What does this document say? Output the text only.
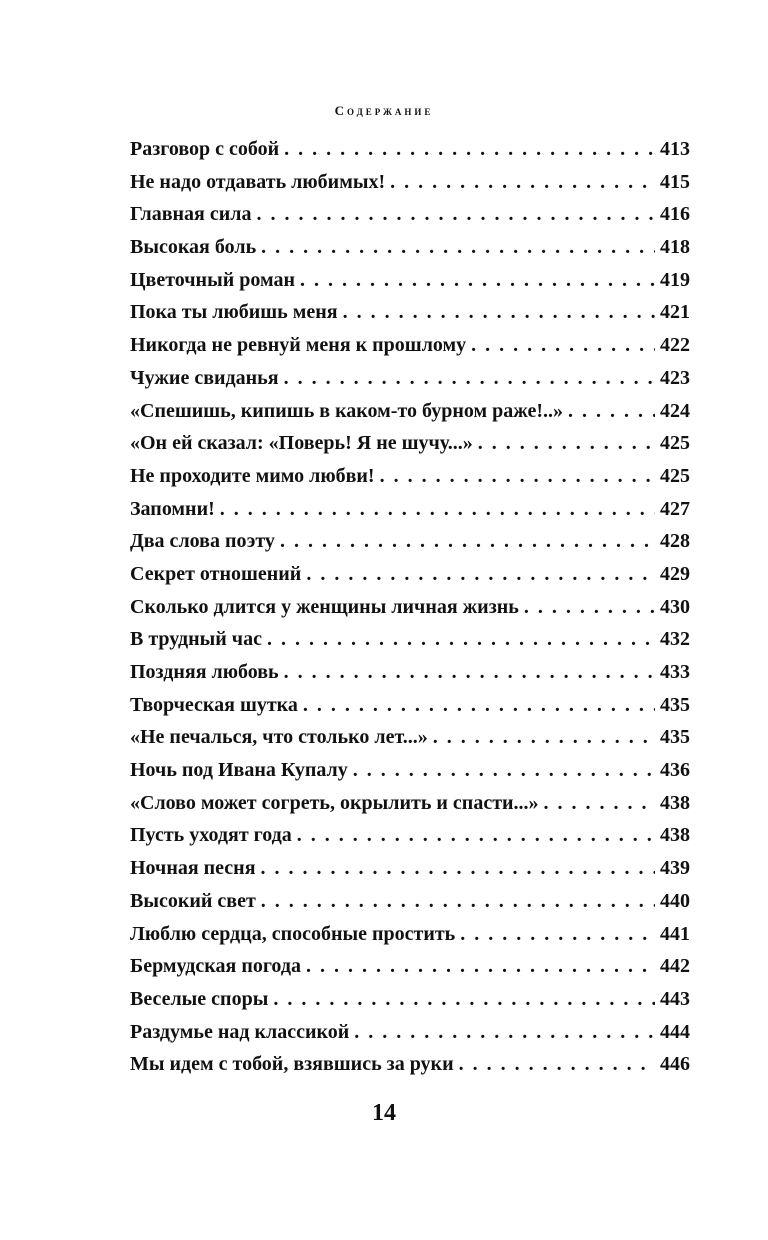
Содержание
Разговор с собой . . .	413
Не надо отдавать любимых! . . .	415
Главная сила . . .	416
Высокая боль . . .	418
Цветочный роман . . .	419
Пока ты любишь меня . . .	421
Никогда не ревнуй меня к прошлому . . .	422
Чужие свиданья . . .	423
«Спешишь, кипишь в каком-то бурном раже!..» . . .	424
«Он ей сказал: «Поверь! Я не шучу...» . . .	425
Не проходите мимо любви! . . .	425
Запомни! . . .	427
Два слова поэту . . .	428
Секрет отношений . . .	429
Сколько длится у женщины личная жизнь . . .	430
В трудный час . . .	432
Поздняя любовь . . .	433
Творческая шутка . . .	435
«Не печалься, что столько лет...» . . .	435
Ночь под Ивана Купалу . . .	436
«Слово может согреть, окрылить и спасти...» . . .	438
Пусть уходят года . . .	438
Ночная песня . . .	439
Высокий свет . . .	440
Люблю сердца, способные простить . . .	441
Бермудская погода . . .	442
Веселые споры . . .	443
Раздумье над классикой . . .	444
Мы идем с тобой, взявшись за руки . . .	446
14
